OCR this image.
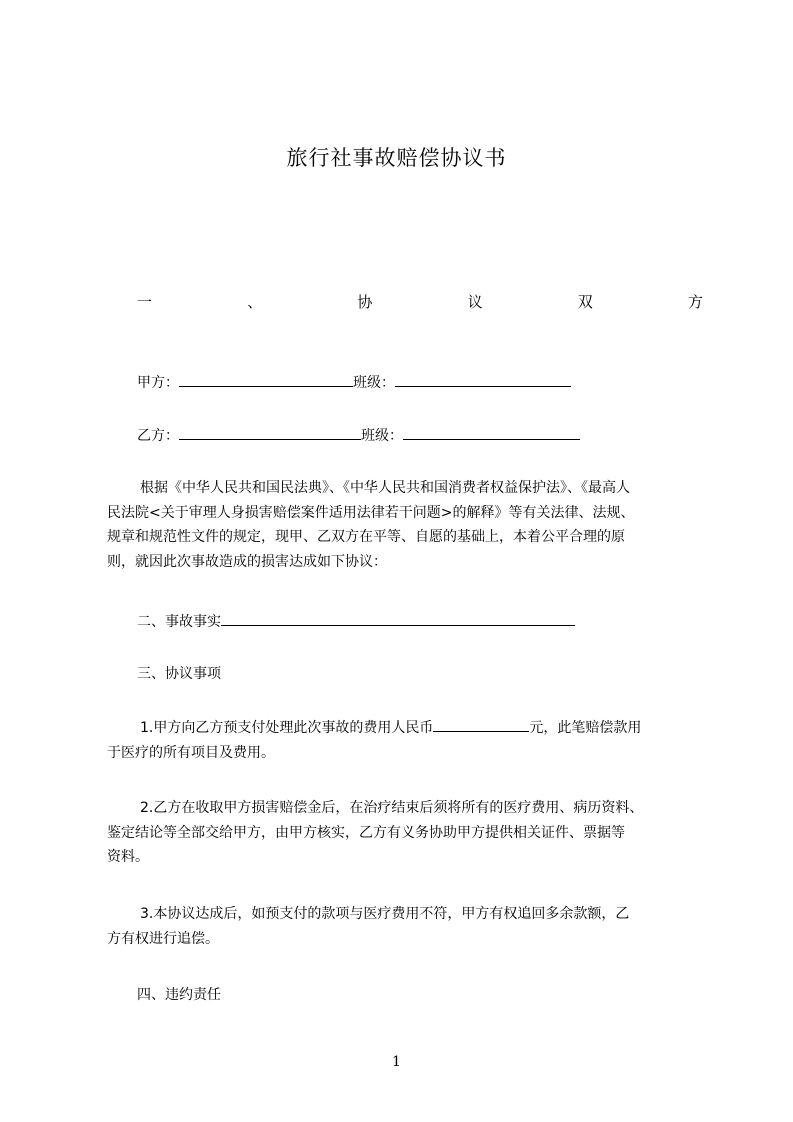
旅行社事故赔偿协议书
一	、	协	议	双	方
甲方：	班级：
乙方：	班级：
根据《中华人民共和国民法典》、《中华人民共和国消费者权益保护法》、《最高人
民法院<关于审理人身损害赔偿案件适用法律若干问题>的解释》等有关法律、法规、
规章和规范性文件的规定，现甲、乙双方在平等、自愿的基础上，本着公平合理的原
则，就因此次事故造成的损害达成如下协议：
二、事故事实
三、协议事项
1.甲方向乙方预支付处理此次事故的费用人民币	元，此笔赔偿款用
于医疗的所有项目及费用。
2.乙方在收取甲方损害赔偿金后，在治疗结束后须将所有的医疗费用、病历资料、
鉴定结论等全部交给甲方，由甲方核实，乙方有义务协助甲方提供相关证件、票据等
资料。
3.本协议达成后，如预支付的款项与医疗费用不符，甲方有权追回多余款额，乙
方有权进行追偿。
四、违约责任
1
